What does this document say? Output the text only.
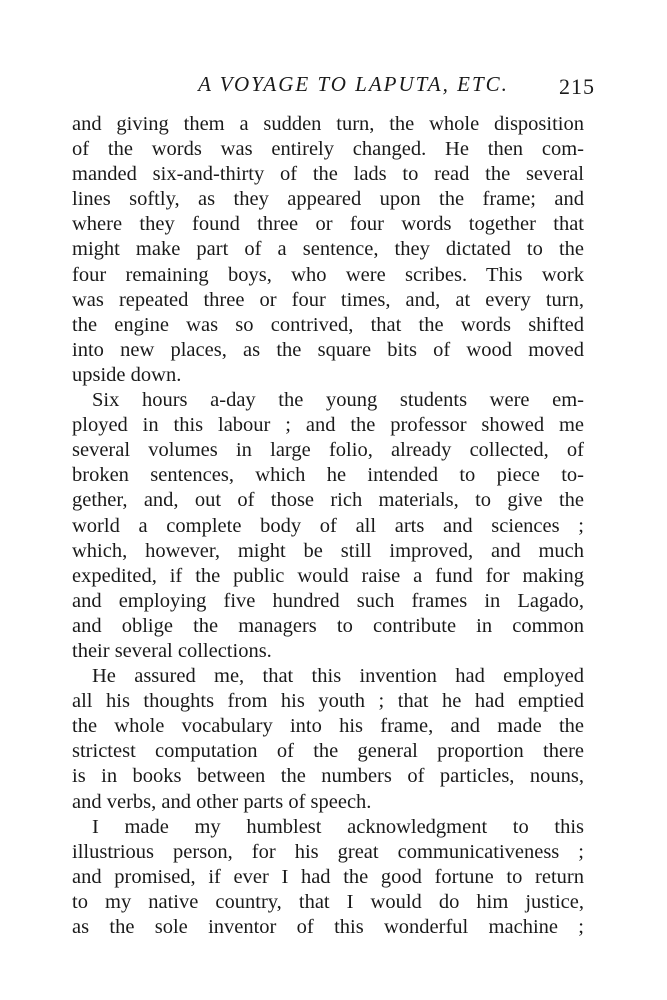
A VOYAGE TO LAPUTA, ETC.	215
and giving them a sudden turn, the whole disposition
of the words was entirely changed. He then com-
manded six-and-thirty of the lads to read the several
lines softly, as they appeared upon the frame; and
where they found three or four words together that
might make part of a sentence, they dictated to the
four remaining boys, who were scribes. This work
was repeated three or four times, and, at every turn,
the engine was so contrived, that the words shifted
into new places, as the square bits of wood moved
upside down.
Six hours a-day the young students were em-
ployed in this labour ; and the professor showed me
several volumes in large folio, already collected, of
broken sentences, which he intended to piece to-
gether, and, out of those rich materials, to give the
world a complete body of all arts and sciences ;
which, however, might be still improved, and much
expedited, if the public would raise a fund for making
and employing five hundred such frames in Lagado,
and oblige the managers to contribute in common
their several collections.
He assured me, that this invention had employed
all his thoughts from his youth ; that he had emptied
the whole vocabulary into his frame, and made the
strictest computation of the general proportion there
is in books between the numbers of particles, nouns,
and verbs, and other parts of speech.
I made my humblest acknowledgment to this
illustrious person, for his great communicativeness ;
and promised, if ever I had the good fortune to return
to my native country, that I would do him justice,
as the sole inventor of this wonderful machine ;
